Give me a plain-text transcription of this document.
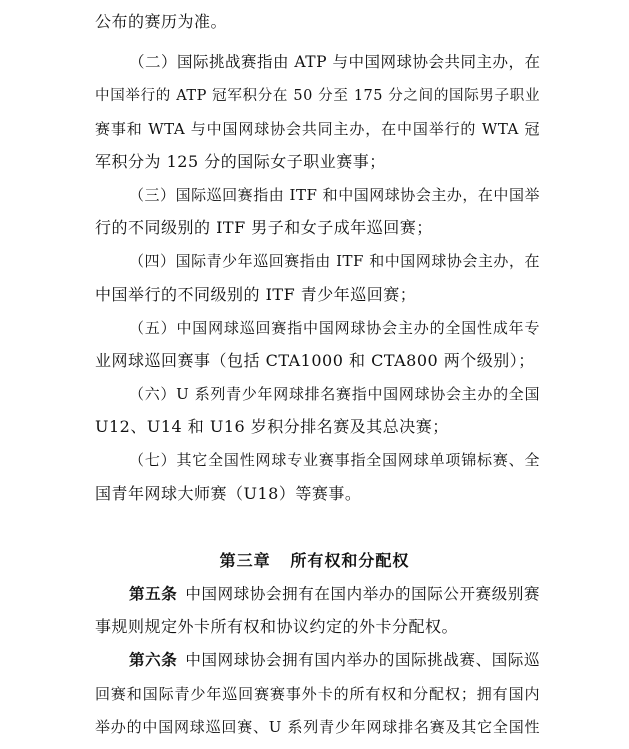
公布的赛历为准。
（二）国际挑战赛指由 ATP 与中国网球协会共同主办，在
中国举行的 ATP 冠军积分在 50 分至 175 分之间的国际男子职业
赛事和 WTA 与中国网球协会共同主办，在中国举行的 WTA 冠
军积分为 125 分的国际女子职业赛事；
（三）国际巡回赛指由 ITF 和中国网球协会主办，在中国举
行的不同级别的 ITF 男子和女子成年巡回赛；
（四）国际青少年巡回赛指由 ITF 和中国网球协会主办，在
中国举行的不同级别的 ITF 青少年巡回赛；
（五）中国网球巡回赛指中国网球协会主办的全国性成年专
业网球巡回赛事（包括 CTA1000 和 CTA800 两个级别）；
（六）U 系列青少年网球排名赛指中国网球协会主办的全国
U12、U14 和 U16 岁积分排名赛及其总决赛；
（七）其它全国性网球专业赛事指全国网球单项锦标赛、全
国青年网球大师赛（U18）等赛事。
第三章   所有权和分配权
第五条 中国网球协会拥有在国内举办的国际公开赛级别赛
事规则规定外卡所有权和协议约定的外卡分配权。
第六条 中国网球协会拥有国内举办的国际挑战赛、国际巡
回赛和国际青少年巡回赛赛事外卡的所有权和分配权；拥有国内
举办的中国网球巡回赛、U 系列青少年网球排名赛及其它全国性
